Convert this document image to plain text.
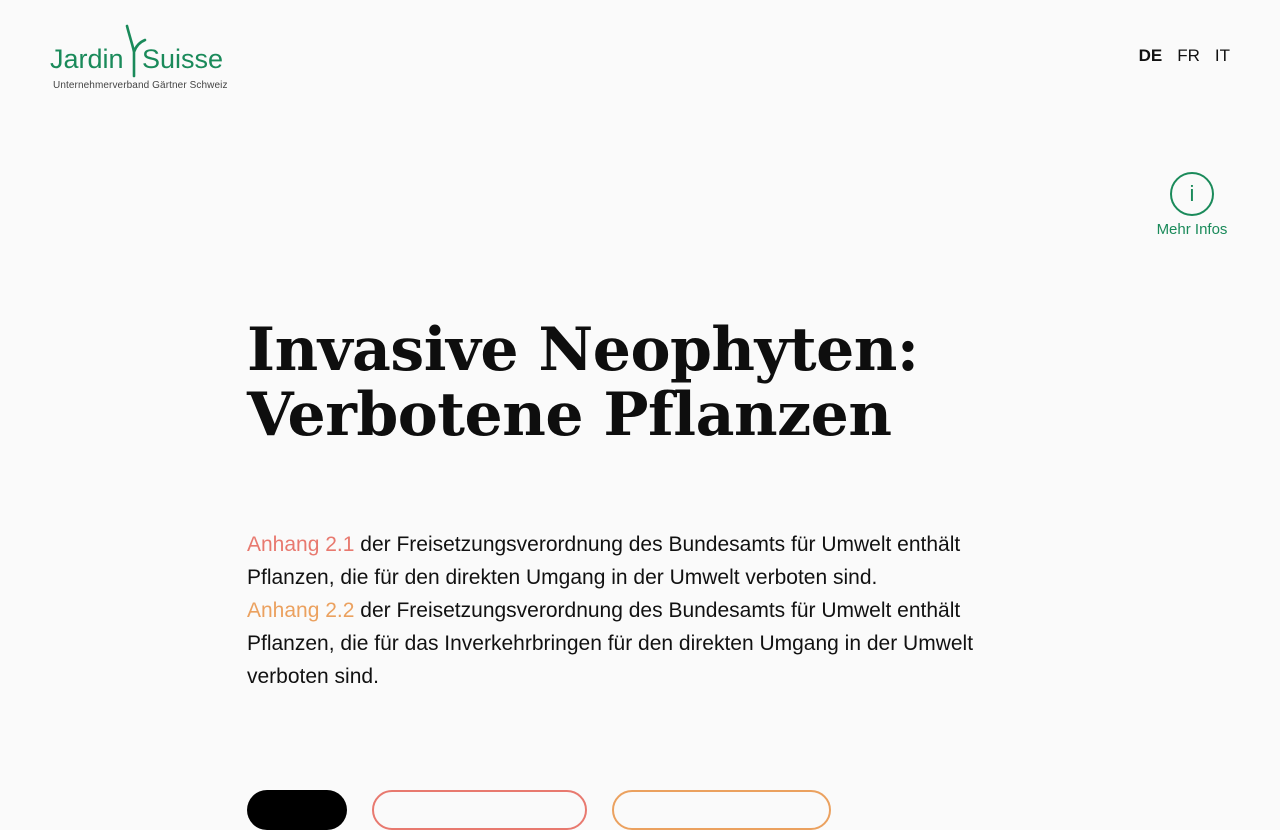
Jardin Suisse
Unternehmerverband Gärtner Schweiz
DE FR IT
i
Mehr Infos
Invasive Neophyten:
Verbotene Pflanzen

Anhang 2.1 der Freisetzungsverordnung des Bundesamts für Umwelt enthält Pflanzen, die für den direkten Umgang in der Umwelt verboten sind.

Anhang 2.2 der Freisetzungsverordnung des Bundesamts für Umwelt enthält Pflanzen, die für das Inverkehrbringen für den direkten Umgang in der Umwelt verboten sind.
